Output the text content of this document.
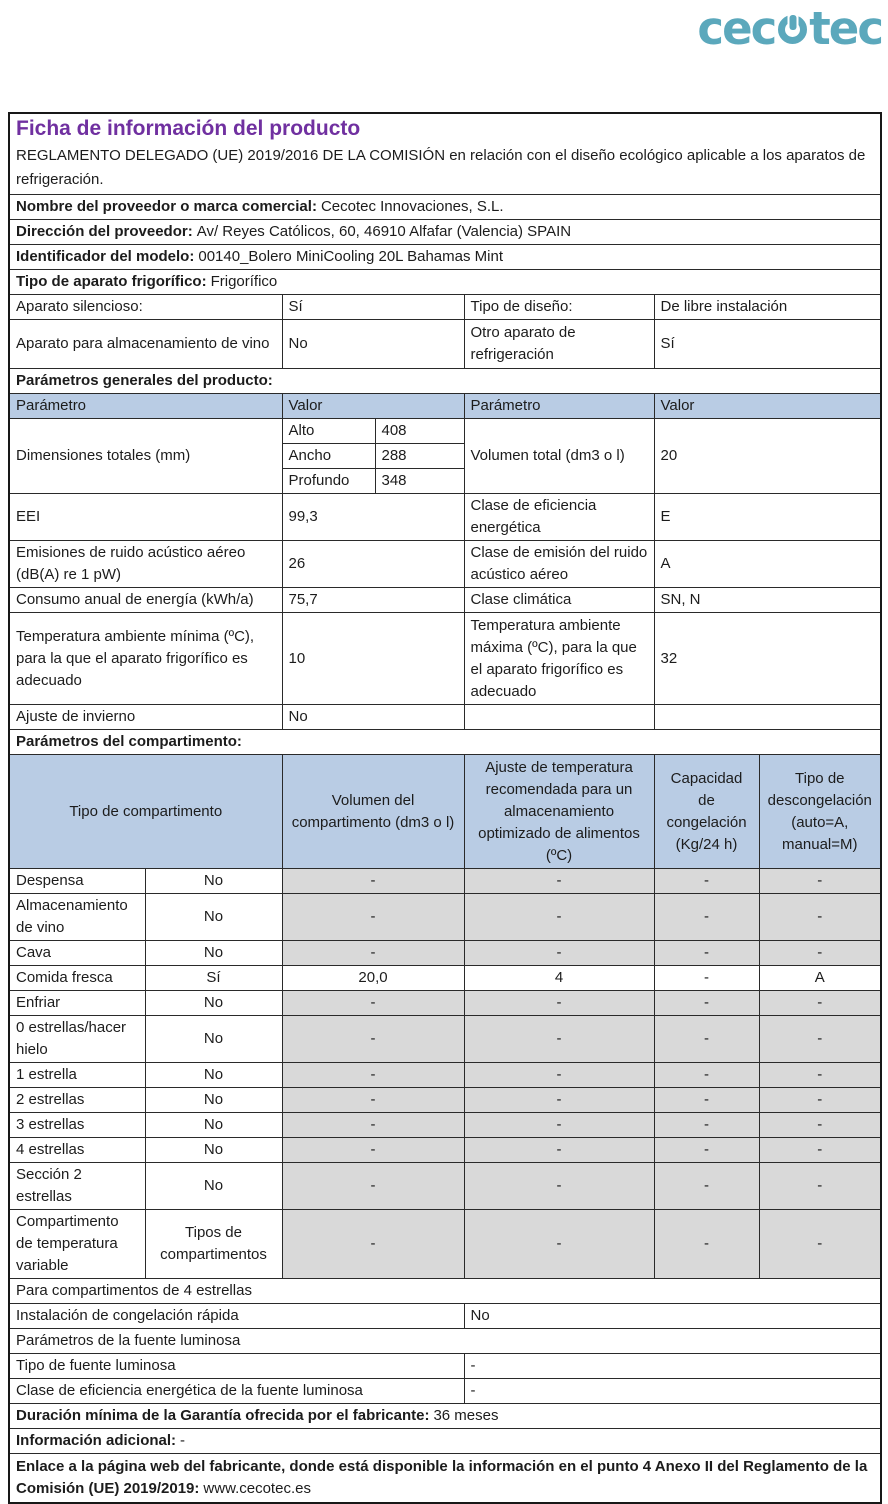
cec tec
Ficha de información del producto
REGLAMENTO DELEGADO (UE) 2019/2016 DE LA COMISIÓN en relación con el diseño ecológico aplicable a los aparatos de refrigeración.						

Nombre del proveedor o marca comercial: Cecotec Innovaciones, S.L.						
Dirección del proveedor: Av/ Reyes Católicos, 60, 46910 Alfafar (Valencia) SPAIN						
Identificador del modelo: 00140_Bolero MiniCooling 20L Bahamas Mint						
Tipo de aparato frigorífico: Frigorífico						
Aparato silencioso:		Sí		Tipo de diseño:	De libre instalación	
Aparato para almacenamiento de vino		No		Otro aparato de refrigeración	Sí	
Parámetros generales del producto:						
Parámetro		Valor		Parámetro	Valor	
Dimensiones totales (mm)		Alto	408	Volumen total (dm3 o l)	20	
		Ancho	288			
		Profundo	348			
EEI		99,3		Clase de eficiencia energética	E	
Emisiones de ruido acústico aéreo (dB(A) re 1 pW)		26		Clase de emisión del ruido acústico aéreo	A	
Consumo anual de energía (kWh/a)		75,7		Clase climática	SN, N	
Temperatura ambiente mínima (ºC), para la que el aparato frigorífico es adecuado		10		Temperatura ambiente máxima (ºC), para la que el aparato frigorífico es adecuado	32	
Ajuste de invierno		No				
Parámetros del compartimento:						
Tipo de compartimento		Volumen del compartimento (dm3 o l)		Ajuste de temperatura recomendada para un almacenamiento optimizado de alimentos (ºC)	Capacidad de congelación (Kg/24 h)	Tipo de descongelación (auto=A, manual=M)
Despensa	No	-		-	-	-
Almacenamiento de vino	No	-		-	-	-
Cava	No	-		-	-	-
Comida fresca	Sí	20,0		4	-	A
Enfriar	No	-		-	-	-
0 estrellas/hacer hielo	No	-		-	-	-
1 estrella	No	-		-	-	-
2 estrellas	No	-		-	-	-
3 estrellas	No	-		-	-	-
4 estrellas	No	-		-	-	-
Sección 2 estrellas	No	-		-	-	-
Compartimento de temperatura variable	Tipos de compartimentos	-		-	-	-
Para compartimentos de 4 estrellas						
Instalación de congelación rápida				No		
Parámetros de la fuente luminosa						
Tipo de fuente luminosa				-		
Clase de eficiencia energética de la fuente luminosa				-		
Duración mínima de la Garantía ofrecida por el fabricante: 36 meses						
Información adicional: -						
Enlace a la página web del fabricante, donde está disponible la información en el punto 4 Anexo II del Reglamento de la Comisión (UE) 2019/2019: www.cecotec.es						
